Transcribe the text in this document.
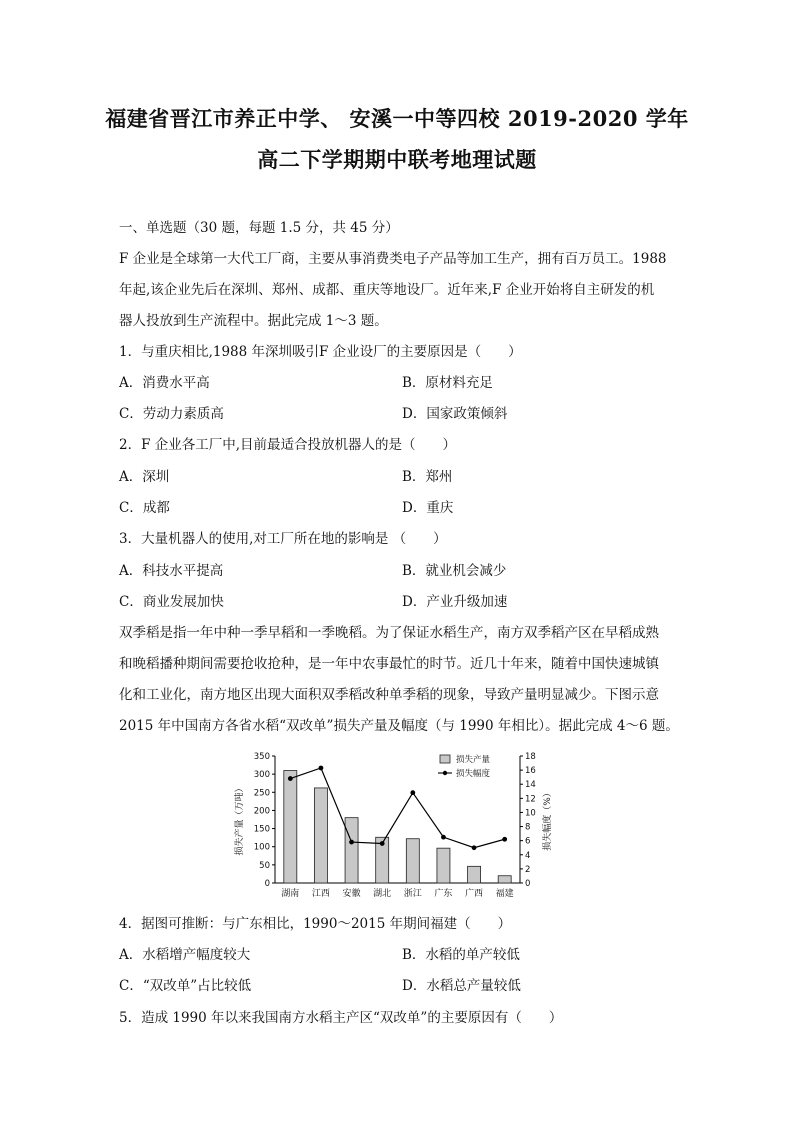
福建省晋江市养正中学、 安溪一中等四校 2019-2020 学年
高二下学期期中联考地理试题
一、单选题（30 题，每题 1.5 分，共 45 分）
F 企业是全球第一大代工厂商，主要从事消费类电子产品等加工生产，拥有百万员工。1988
年起,该企业先后在深圳、郑州、成都、重庆等地设厂。近年来,F 企业开始将自主研发的机
器人投放到生产流程中。据此完成 1～3 题。
1．与重庆相比,1988 年深圳吸引F 企业设厂的主要原因是（　　）
A．消费水平高	B．原材料充足
C．劳动力素质高	D．国家政策倾斜
2．F 企业各工厂中,目前最适合投放机器人的是（　　）
A．深圳	B．郑州
C．成都	D．重庆
3．大量机器人的使用,对工厂所在地的影响是 （　　）
A．科技水平提高	B．就业机会减少
C．商业发展加快	D．产业升级加速
双季稻是指一年中种一季早稻和一季晚稻。为了保证水稻生产，南方双季稻产区在早稻成熟
和晚稻播种期间需要抢收抢种，是一年中农事最忙的时节。近几十年来，随着中国快速城镇
化和工业化，南方地区出现大面积双季稻改种单季稻的现象，导致产量明显减少。下图示意
2015 年中国南方各省水稻“双改单”损失产量及幅度（与 1990 年相比）。据此完成 4～6 题。
0
50
100
150
200
250
300
350
0
2
4
6
8
10
12
14
16
18
损失产量（万吨）	损失幅度（%）
湖南 江西 安徽 湖北 浙江 广东 广西 福建
损失产量
损失幅度
4．据图可推断：与广东相比，1990～2015 年期间福建（　　）
A．水稻增产幅度较大	B．水稻的单产较低
C．“双改单”占比较低	D．水稻总产量较低
5．造成 1990 年以来我国南方水稻主产区“双改单”的主要原因有（　　）
